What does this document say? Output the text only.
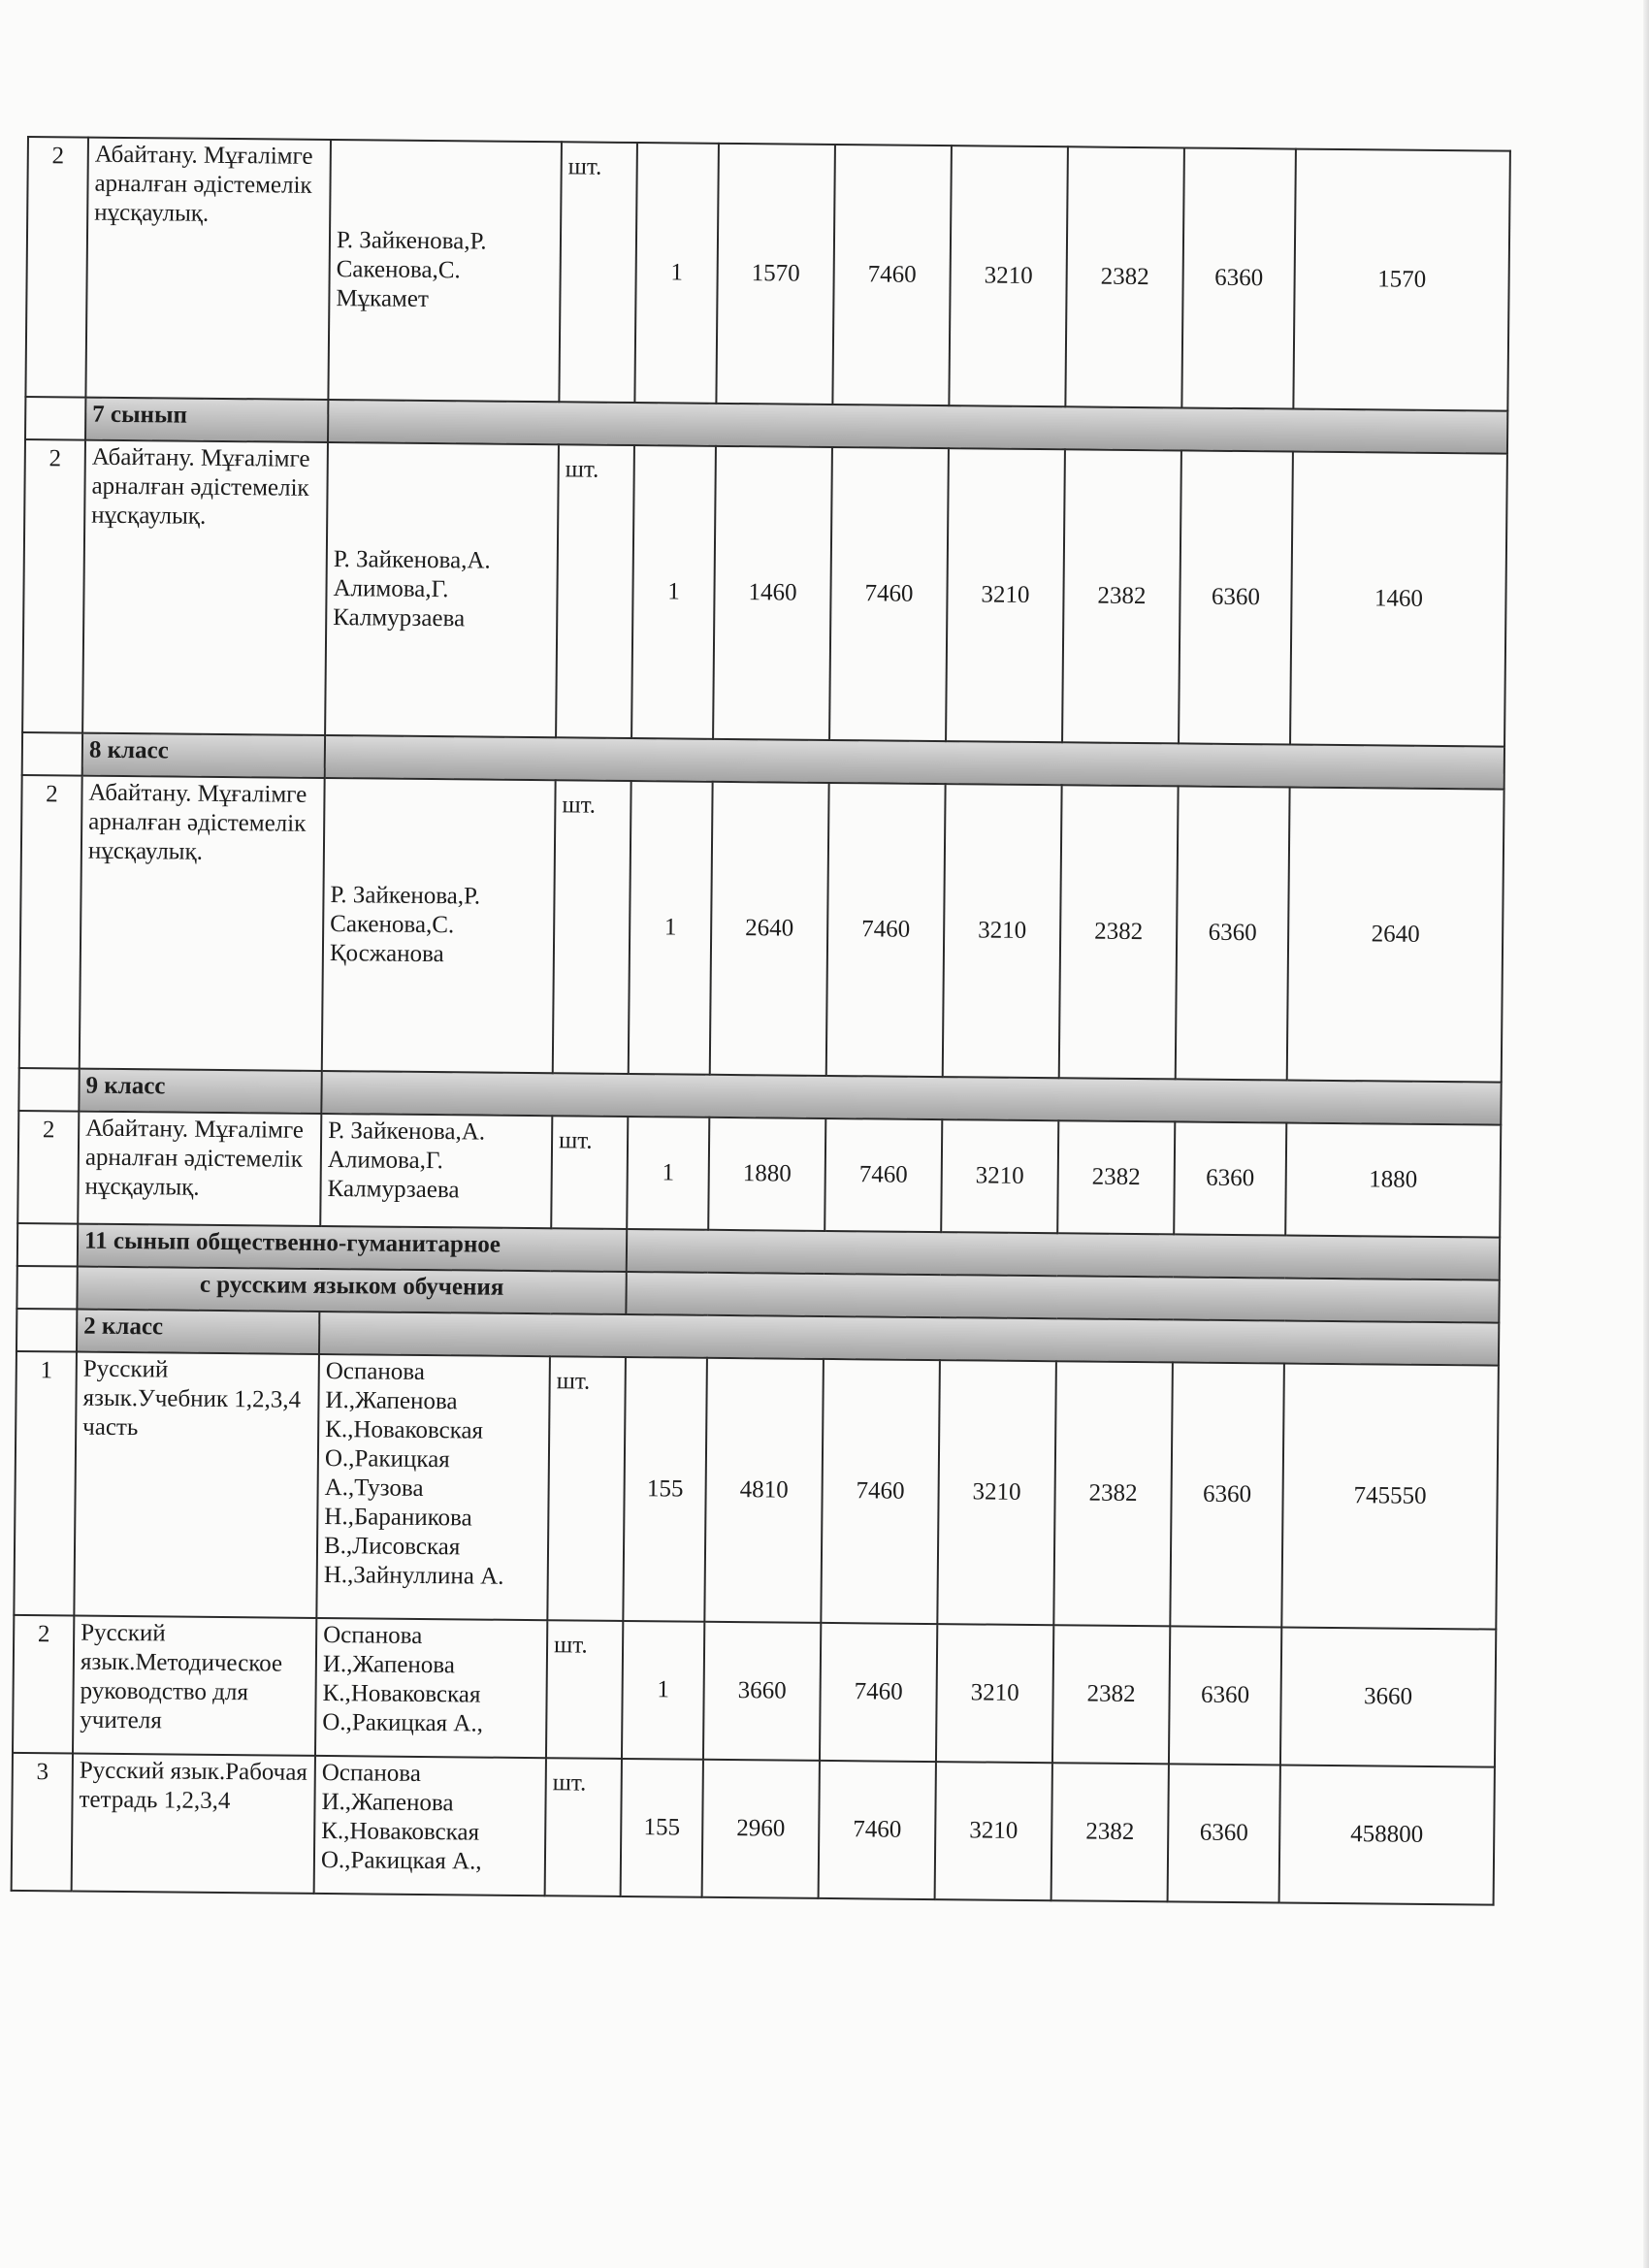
2	Абайтану. Мұғалімге арналған әдістемелік нұсқаулық.	Р. Зайкенова,Р. Сакенова,С. Мұкамет	шт.	1	1570	7460	3210	2382	6360	1570
	7 сынып									
2	Абайтану. Мұғалімге арналған әдістемелік нұсқаулық.	Р. Зайкенова,А. Алимова,Г. Калмурзаева	шт.	1	1460	7460	3210	2382	6360	1460
	8 класс									
2	Абайтану. Мұғалімге арналған әдістемелік нұсқаулық.	Р. Зайкенова,Р. Сакенова,С. Қосжанова	шт.	1	2640	7460	3210	2382	6360	2640
	9 класс									
2	Абайтану. Мұғалімге арналған әдістемелік нұсқаулық.	Р. Зайкенова,А. Алимова,Г. Калмурзаева	шт.	1	1880	7460	3210	2382	6360	1880
	11 сынып общественно-гуманитарное									
	с русским языком обучения									
	2 класс									
1	Русский язык.Учебник 1,2,3,4 часть	Оспанова И.,Жапенова К.,Новаковская О.,Ракицкая А.,Тузова Н.,Бараникова В.,Лисовская Н.,Зайнуллина А.	шт.	155	4810	7460	3210	2382	6360	745550
2	Русский язык.Методическое руководство для учителя	Оспанова И.,Жапенова К.,Новаковская О.,Ракицкая А.,	шт.	1	3660	7460	3210	2382	6360	3660
3	Русский язык.Рабочая тетрадь 1,2,3,4	Оспанова И.,Жапенова К.,Новаковская О.,Ракицкая А.,	шт.	155	2960	7460	3210	2382	6360	458800
